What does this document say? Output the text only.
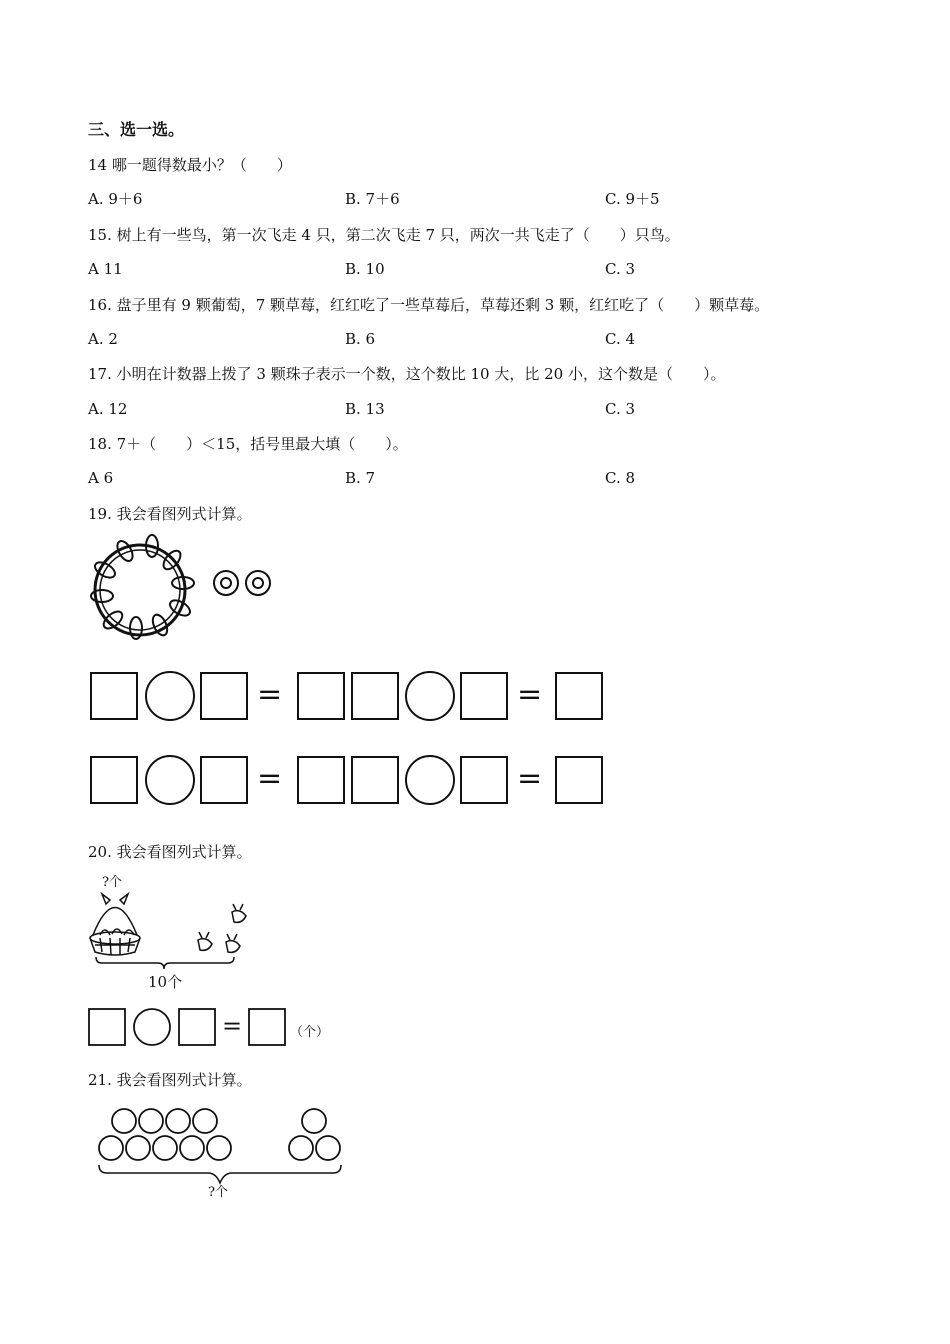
三、选一选。
14 哪一题得数最小？（　　）
A. 9＋6	B. 7＋6	C. 9＋5
15. 树上有一些鸟，第一次飞走 4 只，第二次飞走 7 只，两次一共飞走了（　　）只鸟。
A 11	B. 10	C. 3
16. 盘子里有 9 颗葡萄，7 颗草莓，红红吃了一些草莓后，草莓还剩 3 颗，红红吃了（　　）颗草莓。
A. 2	B. 6	C. 4
17. 小明在计数器上拨了 3 颗珠子表示一个数，这个数比 10 大，比 20 小，这个数是（　　）。
A. 12	B. 13	C. 3
18. 7＋（　　）＜15，括号里最大填（　　）。
A 6	B. 7	C. 8
19. 我会看图列式计算。
=	=
=	=
20. 我会看图列式计算。
?个
10个
=	（个）
21. 我会看图列式计算。
?个
